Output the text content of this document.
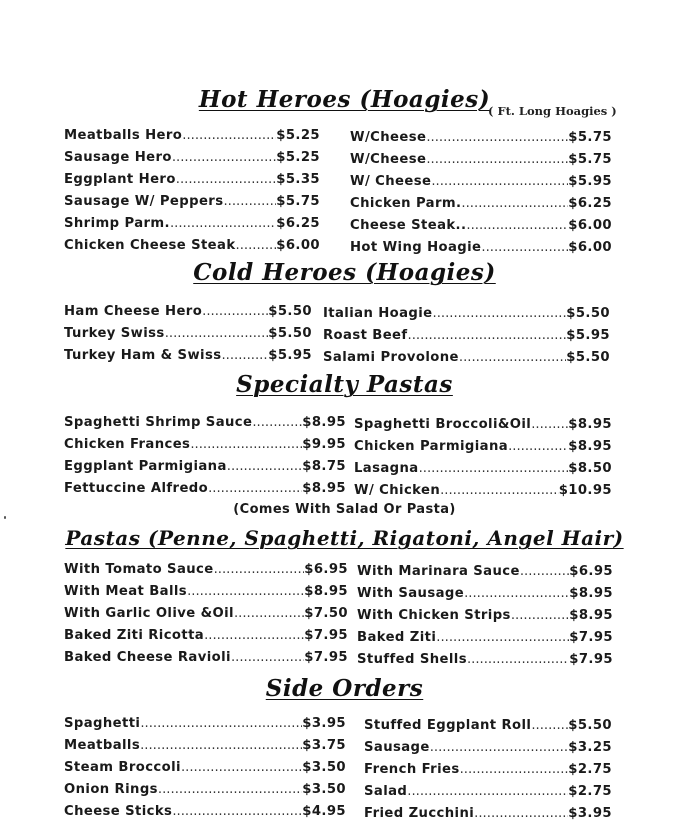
Hot Heroes (Hoagies)
( Ft. Long Hoagies )
Meatballs Hero .....	$5.25
Sausage Hero .....	$5.25
Eggplant Hero .....	$5.35
Sausage W/ Peppers .....	$5.75
Shrimp Parm. .....	$6.25
Chicken Cheese Steak .....	$6.00
W/Cheese .....	$5.75
W/Cheese .....	$5.75
W/ Cheese .....	$5.95
Chicken Parm. .....	$6.25
Cheese Steak.. .....	$6.00
Hot Wing Hoagie .....	$6.00
Cold Heroes (Hoagies)
Ham Cheese Hero .....	$5.50
Turkey Swiss .....	$5.50
Turkey Ham & Swiss .....	$5.95
Italian Hoagie .....	$5.50
Roast Beef .....	$5.95
Salami Provolone .....	$5.50
Specialty Pastas
Spaghetti Shrimp Sauce .....	$8.95
Chicken Frances .....	$9.95
Eggplant Parmigiana .....	$8.75
Fettuccine Alfredo .....	$8.95
Spaghetti Broccoli&Oil .....	$8.95
Chicken Parmigiana .....	$8.95
Lasagna .....	$8.50
W/ Chicken .....	$10.95
(Comes With Salad Or Pasta)
Pastas (Penne, Spaghetti, Rigatoni, Angel Hair)
With Tomato Sauce .....	$6.95
With Meat Balls .....	$8.95
With Garlic Olive &Oil .....	$7.50
Baked Ziti Ricotta .....	$7.95
Baked Cheese Ravioli .....	$7.95
With Marinara Sauce .....	$6.95
With Sausage .....	$8.95
With Chicken Strips .....	$8.95
Baked Ziti .....	$7.95
Stuffed Shells .....	$7.95
Side Orders
Spaghetti .....	$3.95
Meatballs .....	$3.75
Steam Broccoli .....	$3.50
Onion Rings .....	$3.50
Cheese Sticks .....	$4.95
Stuffed Eggplant Roll .....	$5.50
Sausage .....	$3.25
French Fries .....	$2.75
Salad .....	$2.75
Fried Zucchini .....	$3.95
